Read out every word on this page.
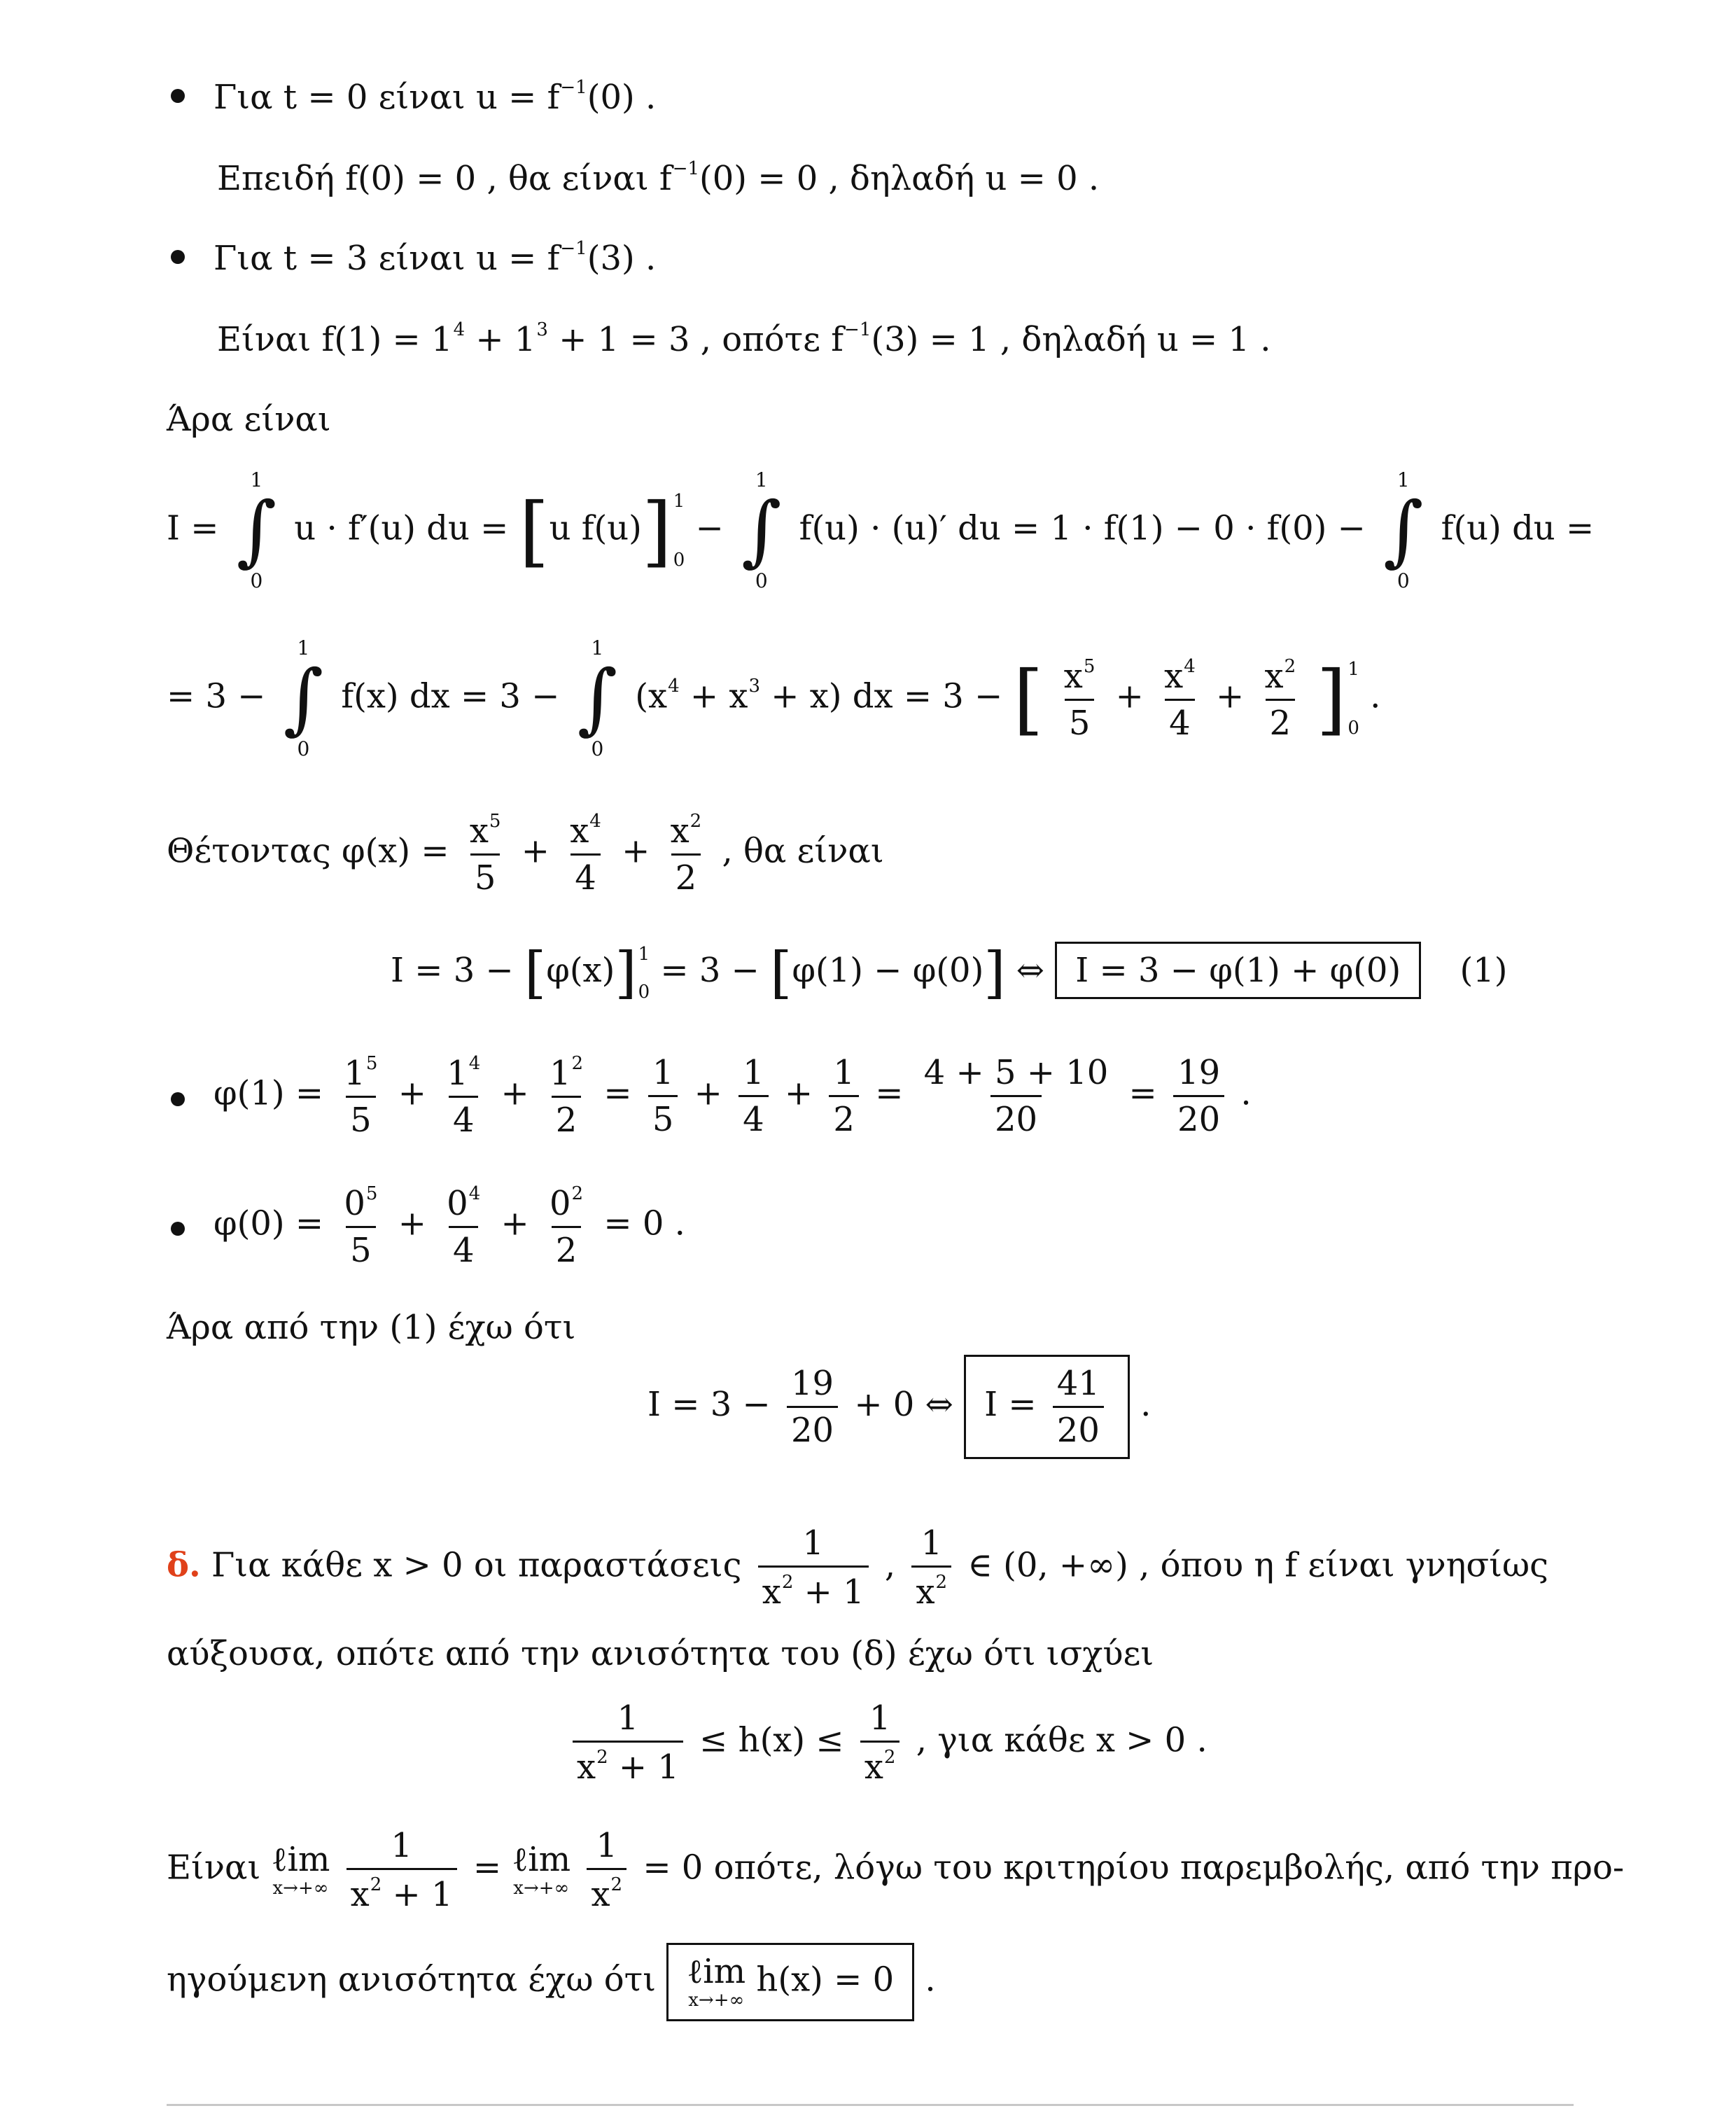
Για t = 0 είναι $u = f^{-1}(0)$ .
Επειδή f(0) = 0 , θα είναι $f^{-1}(0) = 0$ , δηλαδή u = 0 .
Για t = 3 είναι $u = f^{-1}(3)$ .
Είναι $f(1) = 1^4 + 1^3 + 1 = 3$ , οπότε $f^{-1}(3) = 1$ , δηλαδή u = 1 .
Άρα είναι
I =
1
∫
0
u · f′(u) du = [u f(u)] 1
0
−
1
∫
0
f(u) · (u)′ du = 1 · f(1) − 0 · f(0) −
1
∫
0
f(u) du =
= 3 −
1
∫
0
f(x) dx = 3 −
1
∫
0
$(x^4 + x^3 + x)$ dx = 3 − [ $\frac{x^5}{5} + \frac{x^4}{4} + \frac{x^2}{2}$ ] 1
0
.
Θέτοντας $\varphi(x) = \frac{x^5}{5} + \frac{x^4}{4} + \frac{x^2}{2}$ , θα είναι
I = 3 − [φ(x)] 1
0
= 3 − [φ(1) − φ(0)] ⇔ I = 3 − φ(1) + φ(0) (1)
$\varphi(1) = \frac{1^5}{5} + \frac{1^4}{4} + \frac{1^2}{2} = \frac{1}{5} + \frac{1}{4} + \frac{1}{2} = \frac{4 + 5 + 10}{20} = \frac{19}{20}$ .
$\varphi(0) = \frac{0^5}{5} + \frac{0^4}{4} + \frac{0^2}{2} = 0$ .
Άρα από την (1) έχω ότι
$I = 3 - \frac{19}{20} + 0$ ⇔ $I = \frac{41}{20}$ .
δ. Για κάθε x > 0 οι παραστάσεις $\frac{1}{x^2 + 1}$ , $\frac{1}{x^2}$ ∈ (0, +∞) , όπου η f είναι γνησίως
αύξουσα, οπότε από την ανισότητα του (δ) έχω ότι ισχύει
$\frac{1}{x^2 + 1} \le h(x) \le \frac{1}{x^2}$ , για κάθε x > 0 .
Είναι ℓim
x→+∞
$\frac{1}{x^2 + 1}$ = ℓim
x→+∞
$\frac{1}{x^2} = 0$ οπότε, λόγω του κριτηρίου παρεμβολής, από την προ-
ηγούμενη ανισότητα έχω ότι ℓim
x→+∞
h(x) = 0 .
